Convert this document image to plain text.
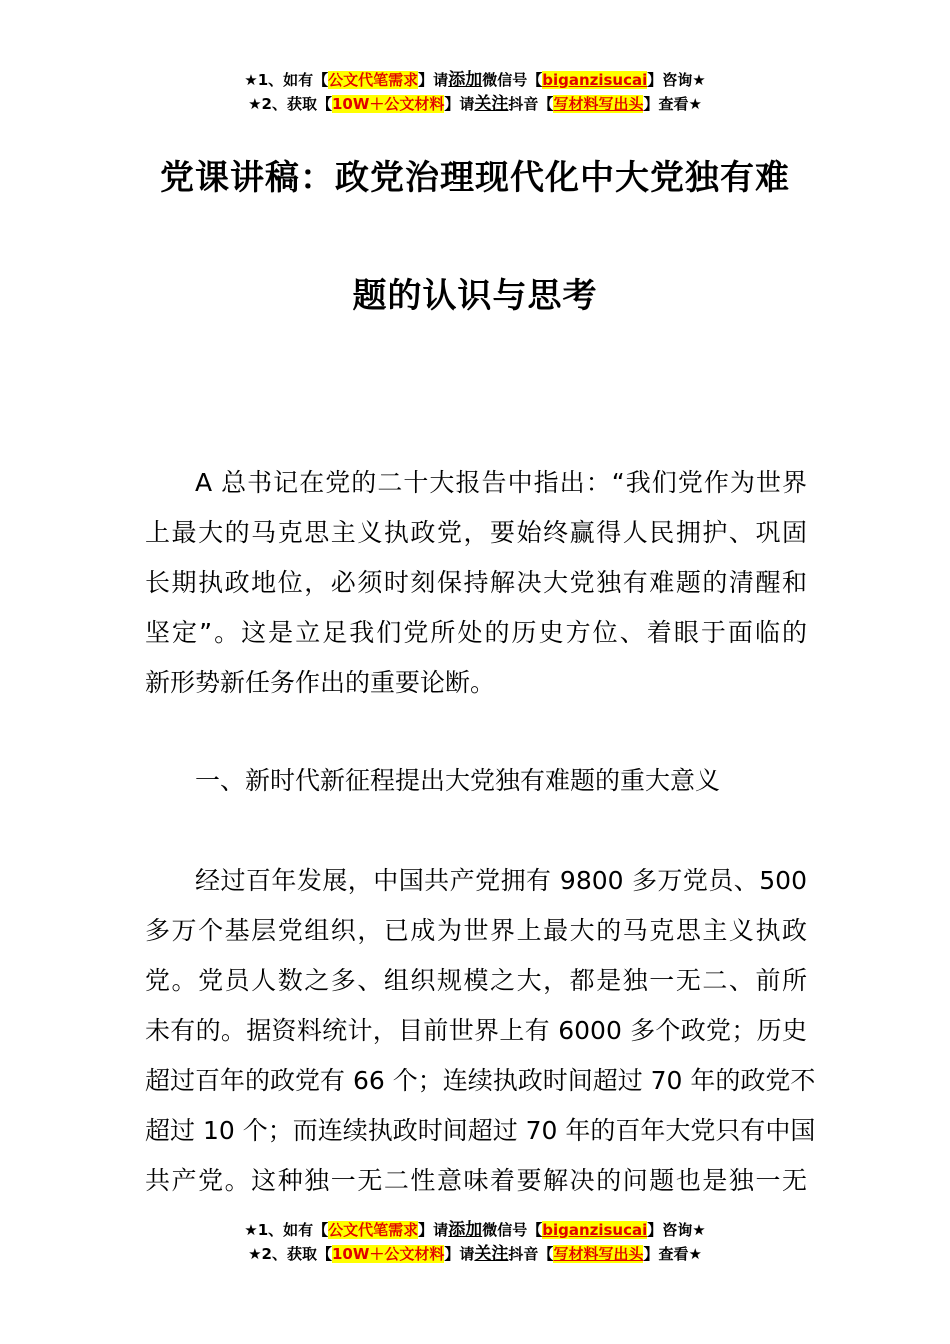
★1、如有【公文代笔需求】请添加微信号【biganzisucai】咨询★
★2、获取【10W＋公文材料】请关注抖音【写材料写出头】查看★
党课讲稿：政党治理现代化中大党独有难
题的认识与思考
A 总书记在党的二十大报告中指出：“我们党作为世界
上最大的马克思主义执政党，要始终赢得人民拥护、巩固
长期执政地位，必须时刻保持解决大党独有难题的清醒和
坚定”。这是立足我们党所处的历史方位、着眼于面临的
新形势新任务作出的重要论断。
一、新时代新征程提出大党独有难题的重大意义
经过百年发展，中国共产党拥有 9800 多万党员、500
多万个基层党组织，已成为世界上最大的马克思主义执政
党。党员人数之多、组织规模之大，都是独一无二、前所
未有的。据资料统计，目前世界上有 6000 多个政党；历史
超过百年的政党有 66 个；连续执政时间超过 70 年的政党不
超过 10 个；而连续执政时间超过 70 年的百年大党只有中国
共产党。这种独一无二性意味着要解决的问题也是独一无
★1、如有【公文代笔需求】请添加微信号【biganzisucai】咨询★
★2、获取【10W＋公文材料】请关注抖音【写材料写出头】查看★
